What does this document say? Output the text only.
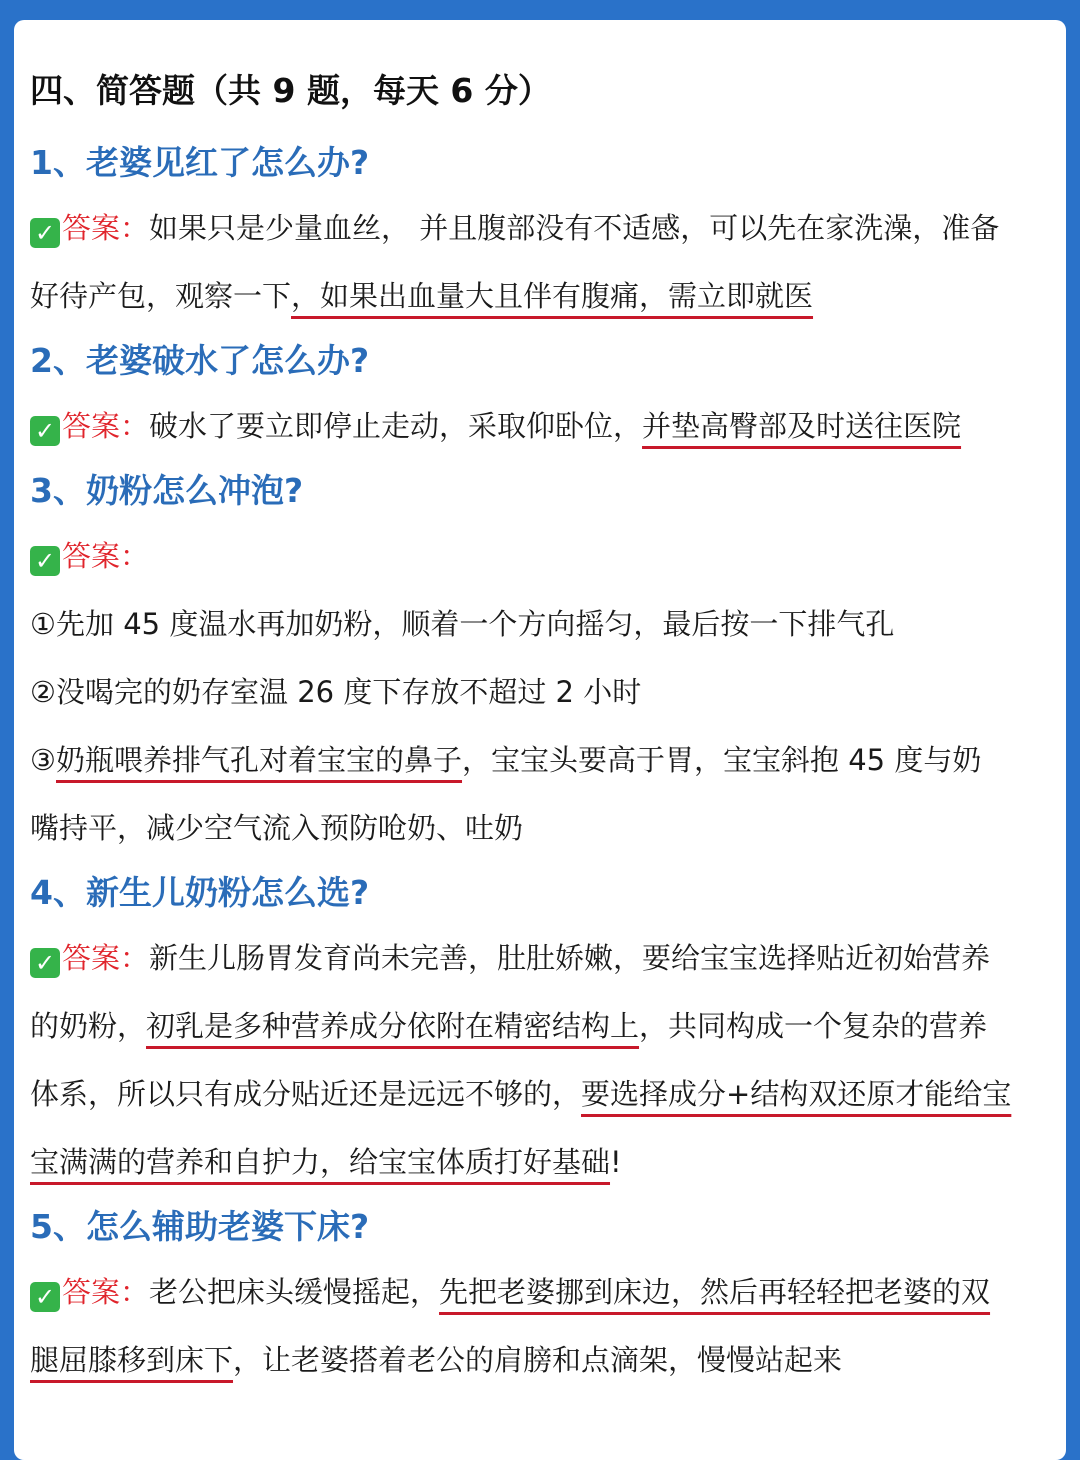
四、简答题（共 9 题，每天 6 分）
1、老婆见红了怎么办?
✓ 答案：如果只是少量血丝， 并且腹部没有不适感，可以先在家洗澡，准备
好待产包，观察一下，如果出血量大且伴有腹痛，需立即就医
2、老婆破水了怎么办?
✓ 答案：破水了要立即停止走动，采取仰卧位，并垫高臀部及时送往医院
3、奶粉怎么冲泡?
✓ 答案：
①先加 45 度温水再加奶粉，顺着一个方向摇匀，最后按一下排气孔
②没喝完的奶存室温 26 度下存放不超过 2 小时
③奶瓶喂养排气孔对着宝宝的鼻子，宝宝头要高于胃，宝宝斜抱 45 度与奶
嘴持平，减少空气流入预防呛奶、吐奶
4、新生儿奶粉怎么选?
✓ 答案：新生儿肠胃发育尚未完善，肚肚娇嫩，要给宝宝选择贴近初始营养
的奶粉，初乳是多种营养成分依附在精密结构上，共同构成一个复杂的营养
体系，所以只有成分贴近还是远远不够的，要选择成分+结构双还原才能给宝
宝满满的营养和自护力，给宝宝体质打好基础!
5、怎么辅助老婆下床?
✓ 答案：老公把床头缓慢摇起，先把老婆挪到床边，然后再轻轻把老婆的双
腿屈膝移到床下，让老婆搭着老公的肩膀和点滴架，慢慢站起来
